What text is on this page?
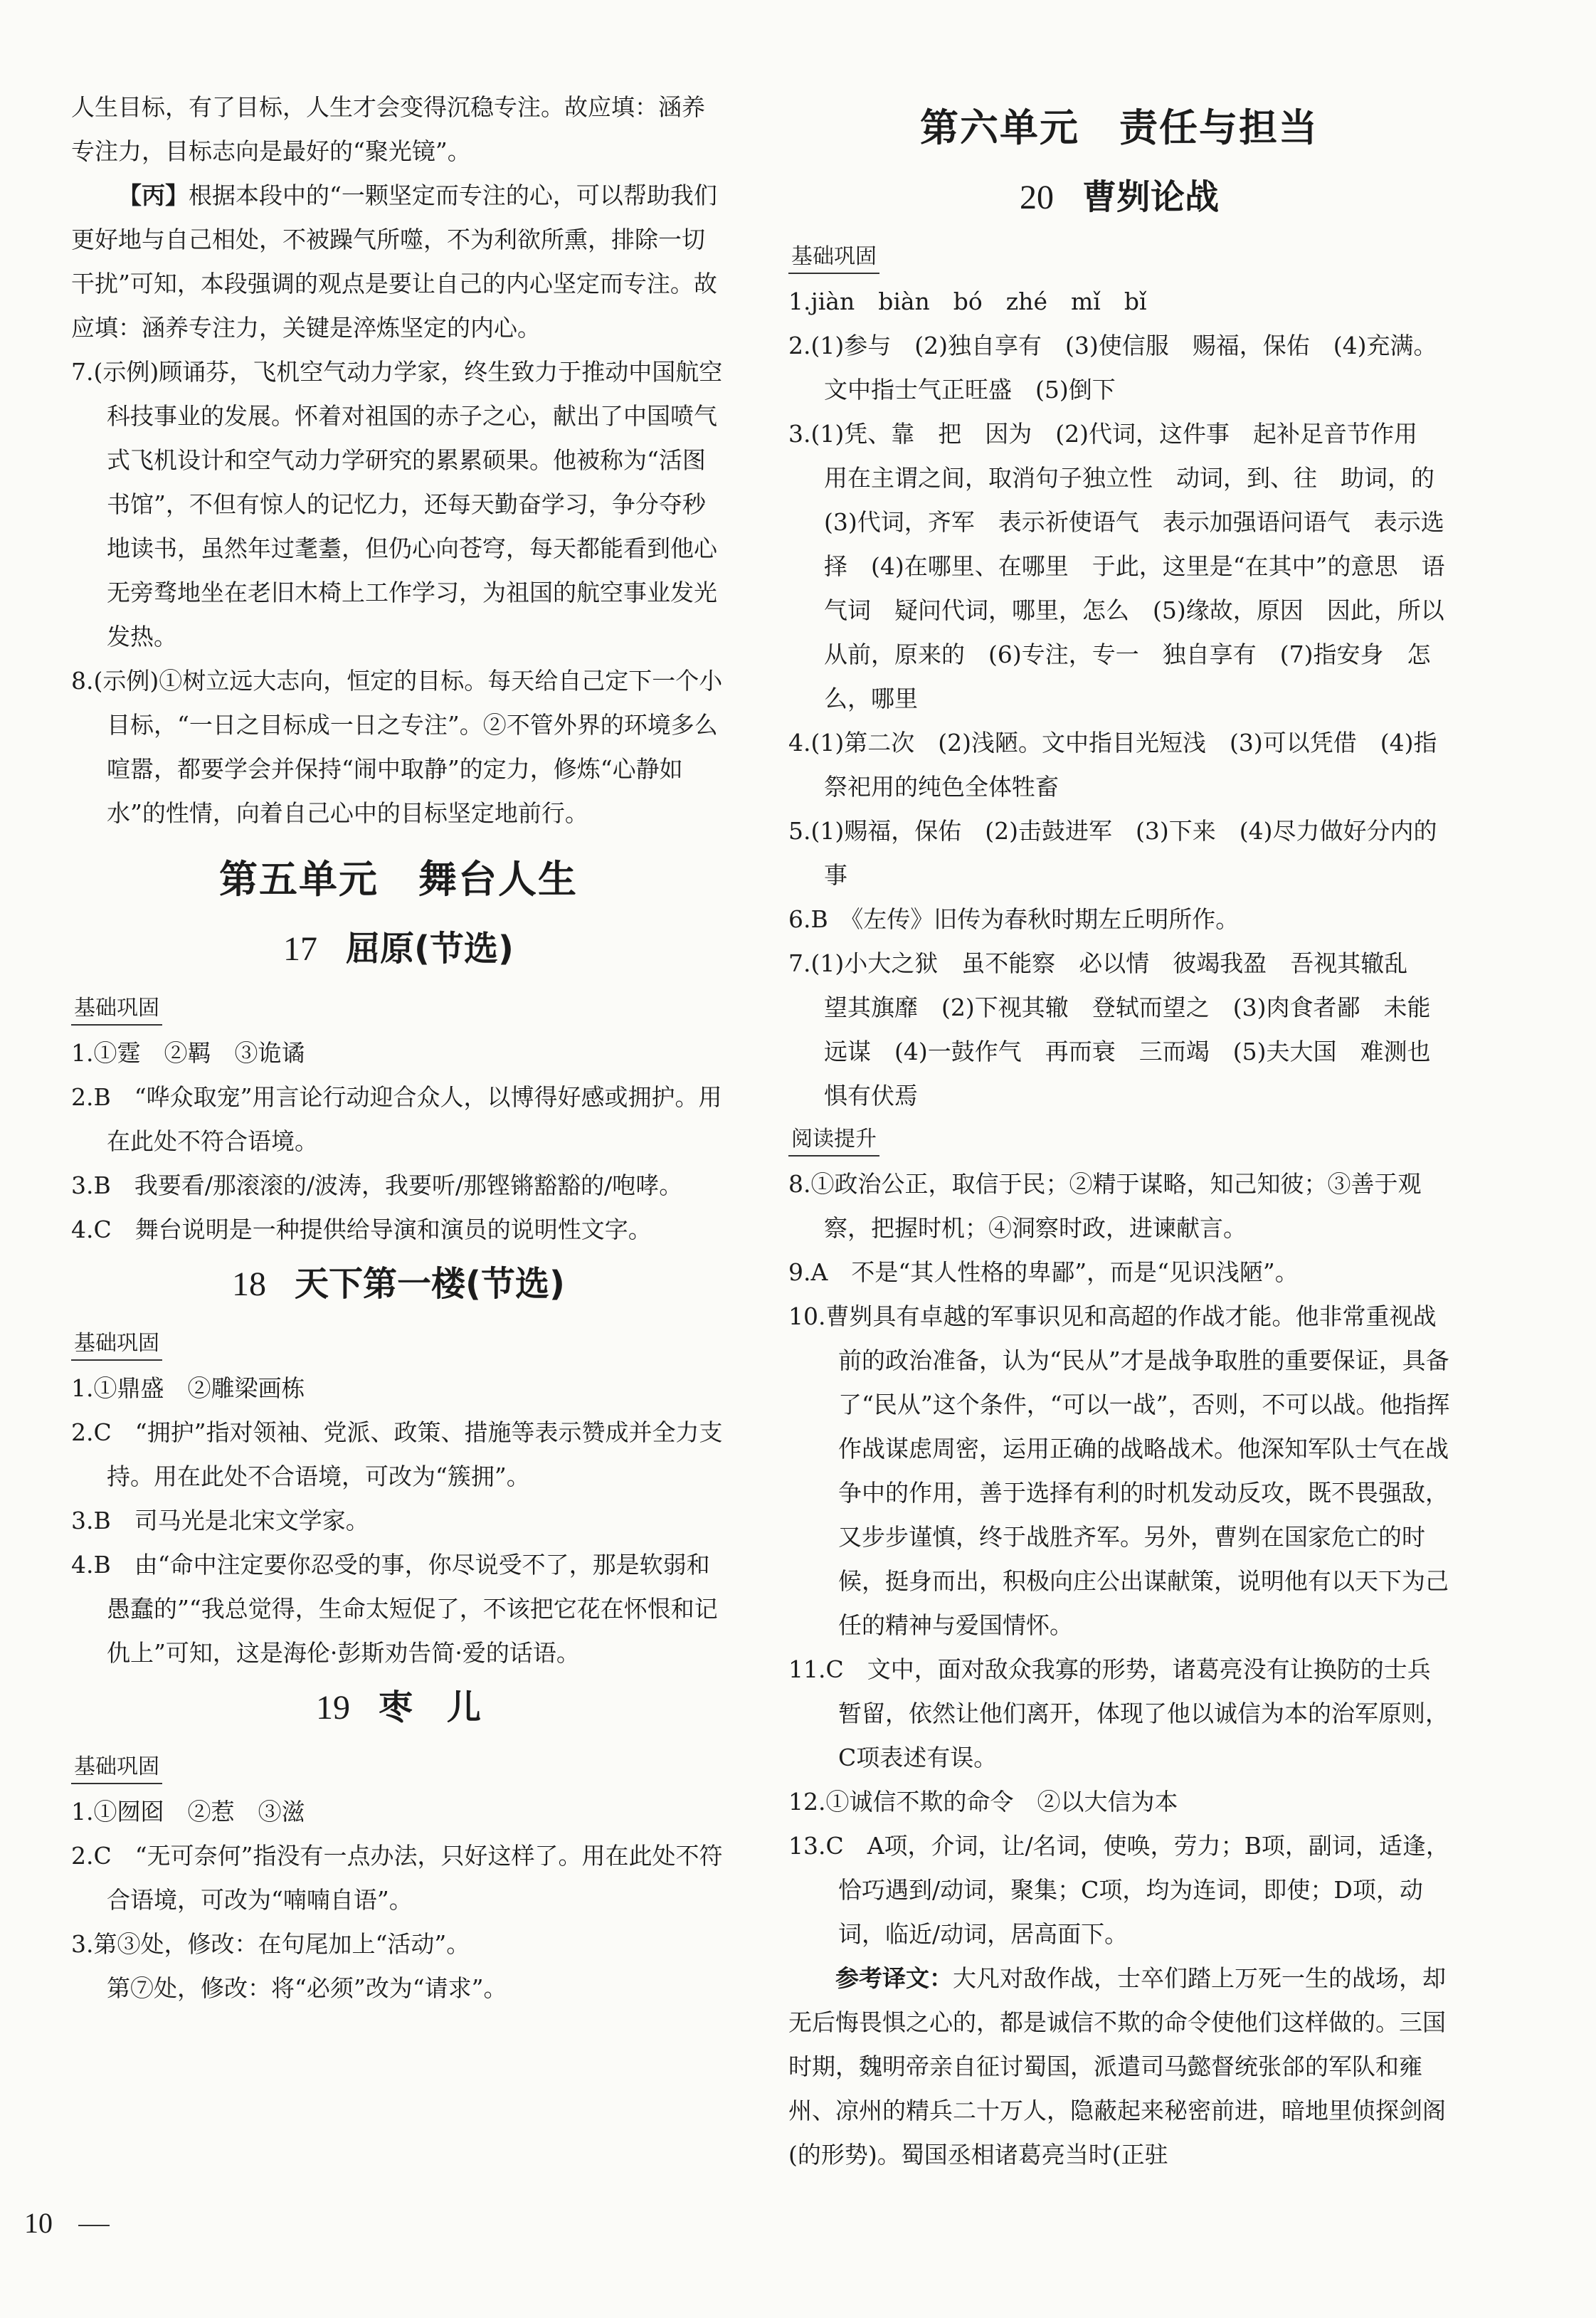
人生目标，有了目标，人生才会变得沉稳专注。故应填：涵养专注力，目标志向是最好的“聚光镜”。

【丙】根据本段中的“一颗坚定而专注的心，可以帮助我们更好地与自己相处，不被躁气所噬，不为利欲所熏，排除一切干扰”可知，本段强调的观点是要让自己的内心坚定而专注。故应填：涵养专注力，关键是淬炼坚定的内心。

7.(示例)顾诵芬，飞机空气动力学家，终生致力于推动中国航空科技事业的发展。怀着对祖国的赤子之心，献出了中国喷气式飞机设计和空气动力学研究的累累硕果。他被称为“活图书馆”，不但有惊人的记忆力，还每天勤奋学习，争分夺秒地读书，虽然年过耄耋，但仍心向苍穹，每天都能看到他心无旁骛地坐在老旧木椅上工作学习，为祖国的航空事业发光发热。

8.(示例)①树立远大志向，恒定的目标。每天给自己定下一个小目标，“一日之目标成一日之专注”。②不管外界的环境多么喧嚣，都要学会并保持“闹中取静”的定力，修炼“心静如水”的性情，向着自己心中的目标坚定地前行。

第五单元　舞台人生
17 屈原(节选)
基础巩固

1.①霆　②羁　③诡谲

2.B　“哗众取宠”用言论行动迎合众人，以博得好感或拥护。用在此处不符合语境。

3.B　我要看/那滚滚的/波涛，我要听/那铿锵豁豁的/咆哮。

4.C　舞台说明是一种提供给导演和演员的说明性文字。

18 天下第一楼(节选)
基础巩固

1.①鼎盛　②雕梁画栋

2.C　“拥护”指对领袖、党派、政策、措施等表示赞成并全力支持。用在此处不合语境，可改为“簇拥”。

3.B　司马光是北宋文学家。

4.B　由“命中注定要你忍受的事，你尽说受不了，那是软弱和愚蠢的”“我总觉得，生命太短促了，不该把它花在怀恨和记仇上”可知，这是海伦·彭斯劝告简·爱的话语。

19 枣　儿
基础巩固

1.①囫囵　②惹　③滋

2.C　“无可奈何”指没有一点办法，只好这样了。用在此处不符合语境，可改为“喃喃自语”。

3.第③处，修改：在句尾加上“活动”。

第⑦处，修改：将“必须”改为“请求”。

第六单元　责任与担当
20 曹刿论战
基础巩固

1.jiàn　biàn　bó　zhé　mǐ　bǐ

2.(1)参与　(2)独自享有　(3)使信服　赐福，保佑　(4)充满。文中指士气正旺盛　(5)倒下

3.(1)凭、靠　把　因为　(2)代词，这件事　起补足音节作用　用在主谓之间，取消句子独立性　动词，到、往　助词，的　(3)代词，齐军　表示祈使语气　表示加强语问语气　表示选择　(4)在哪里、在哪里　于此，这里是“在其中”的意思　语气词　疑问代词，哪里，怎么　(5)缘故，原因　因此，所以　从前，原来的　(6)专注，专一　独自享有　(7)指安身　怎么，哪里

4.(1)第二次　(2)浅陋。文中指目光短浅　(3)可以凭借　(4)指祭祀用的纯色全体牲畜

5.(1)赐福，保佑　(2)击鼓进军　(3)下来　(4)尽力做好分内的事

6.B　《左传》旧传为春秋时期左丘明所作。

7.(1)小大之狱　虽不能察　必以情　彼竭我盈　吾视其辙乱　望其旗靡　(2)下视其辙　登轼而望之　(3)肉食者鄙　未能远谋　(4)一鼓作气　再而衰　三而竭　(5)夫大国　难测也　惧有伏焉

阅读提升

8.①政治公正，取信于民；②精于谋略，知己知彼；③善于观察，把握时机；④洞察时政，进谏献言。

9.A　不是“其人性格的卑鄙”，而是“见识浅陋”。

10.曹刿具有卓越的军事识见和高超的作战才能。他非常重视战前的政治准备，认为“民从”才是战争取胜的重要保证，具备了“民从”这个条件，“可以一战”，否则，不可以战。他指挥作战谋虑周密，运用正确的战略战术。他深知军队士气在战争中的作用，善于选择有利的时机发动反攻，既不畏强敌，又步步谨慎，终于战胜齐军。另外，曹刿在国家危亡的时候，挺身而出，积极向庄公出谋献策，说明他有以天下为己任的精神与爱国情怀。

11.C　文中，面对敌众我寡的形势，诸葛亮没有让换防的士兵暂留，依然让他们离开，体现了他以诚信为本的治军原则，C项表述有误。

12.①诚信不欺的命令　②以大信为本

13.C　A项，介词，让/名词，使唤，劳力；B项，副词，适逢，恰巧遇到/动词，聚集；C项，均为连词，即使；D项，动词，临近/动词，居高面下。

参考译文：大凡对敌作战，士卒们踏上万死一生的战场，却无后悔畏惧之心的，都是诚信不欺的命令使他们这样做的。三国时期，魏明帝亲自征讨蜀国，派遣司马懿督统张郃的军队和雍州、凉州的精兵二十万人，隐蔽起来秘密前进，暗地里侦探剑阁(的形势)。蜀国丞相诸葛亮当时(正驻

10
